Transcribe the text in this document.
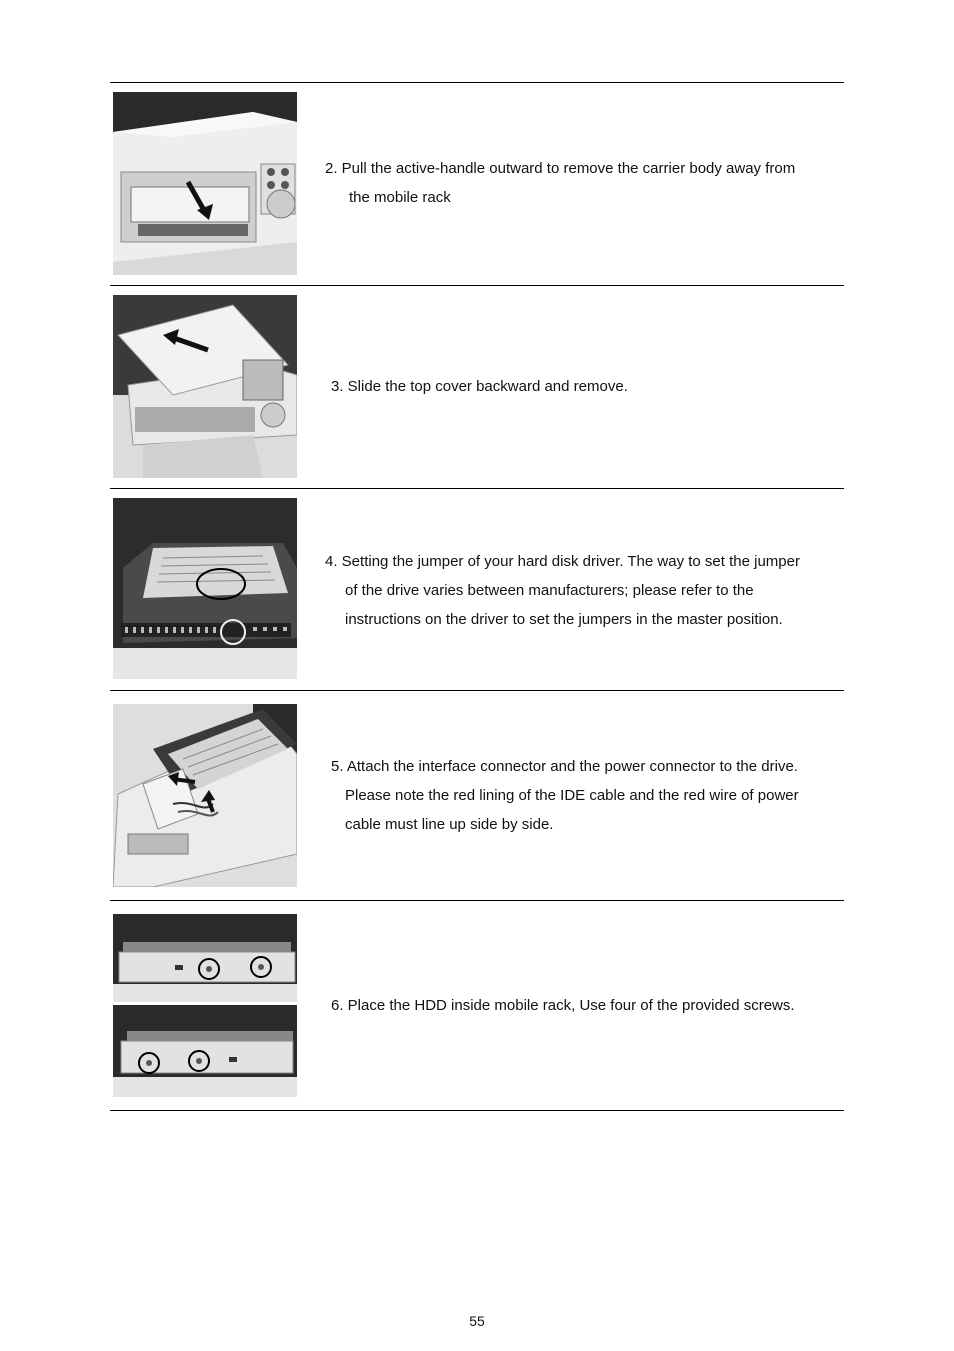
2. Pull the active-handle outward to remove the carrier body away from
the mobile rack
3. Slide the top cover backward and remove.
4. Setting the jumper of your hard disk driver. The way to set the jumper
of the drive varies between manufacturers; please refer to the
instructions on the driver to set the jumpers in the master position.
5. Attach the interface connector and the power connector to the drive.
Please note the red lining of the IDE cable and the red wire of power
cable must line up side by side.
6. Place the HDD inside mobile rack, Use four of the provided screws.
55
